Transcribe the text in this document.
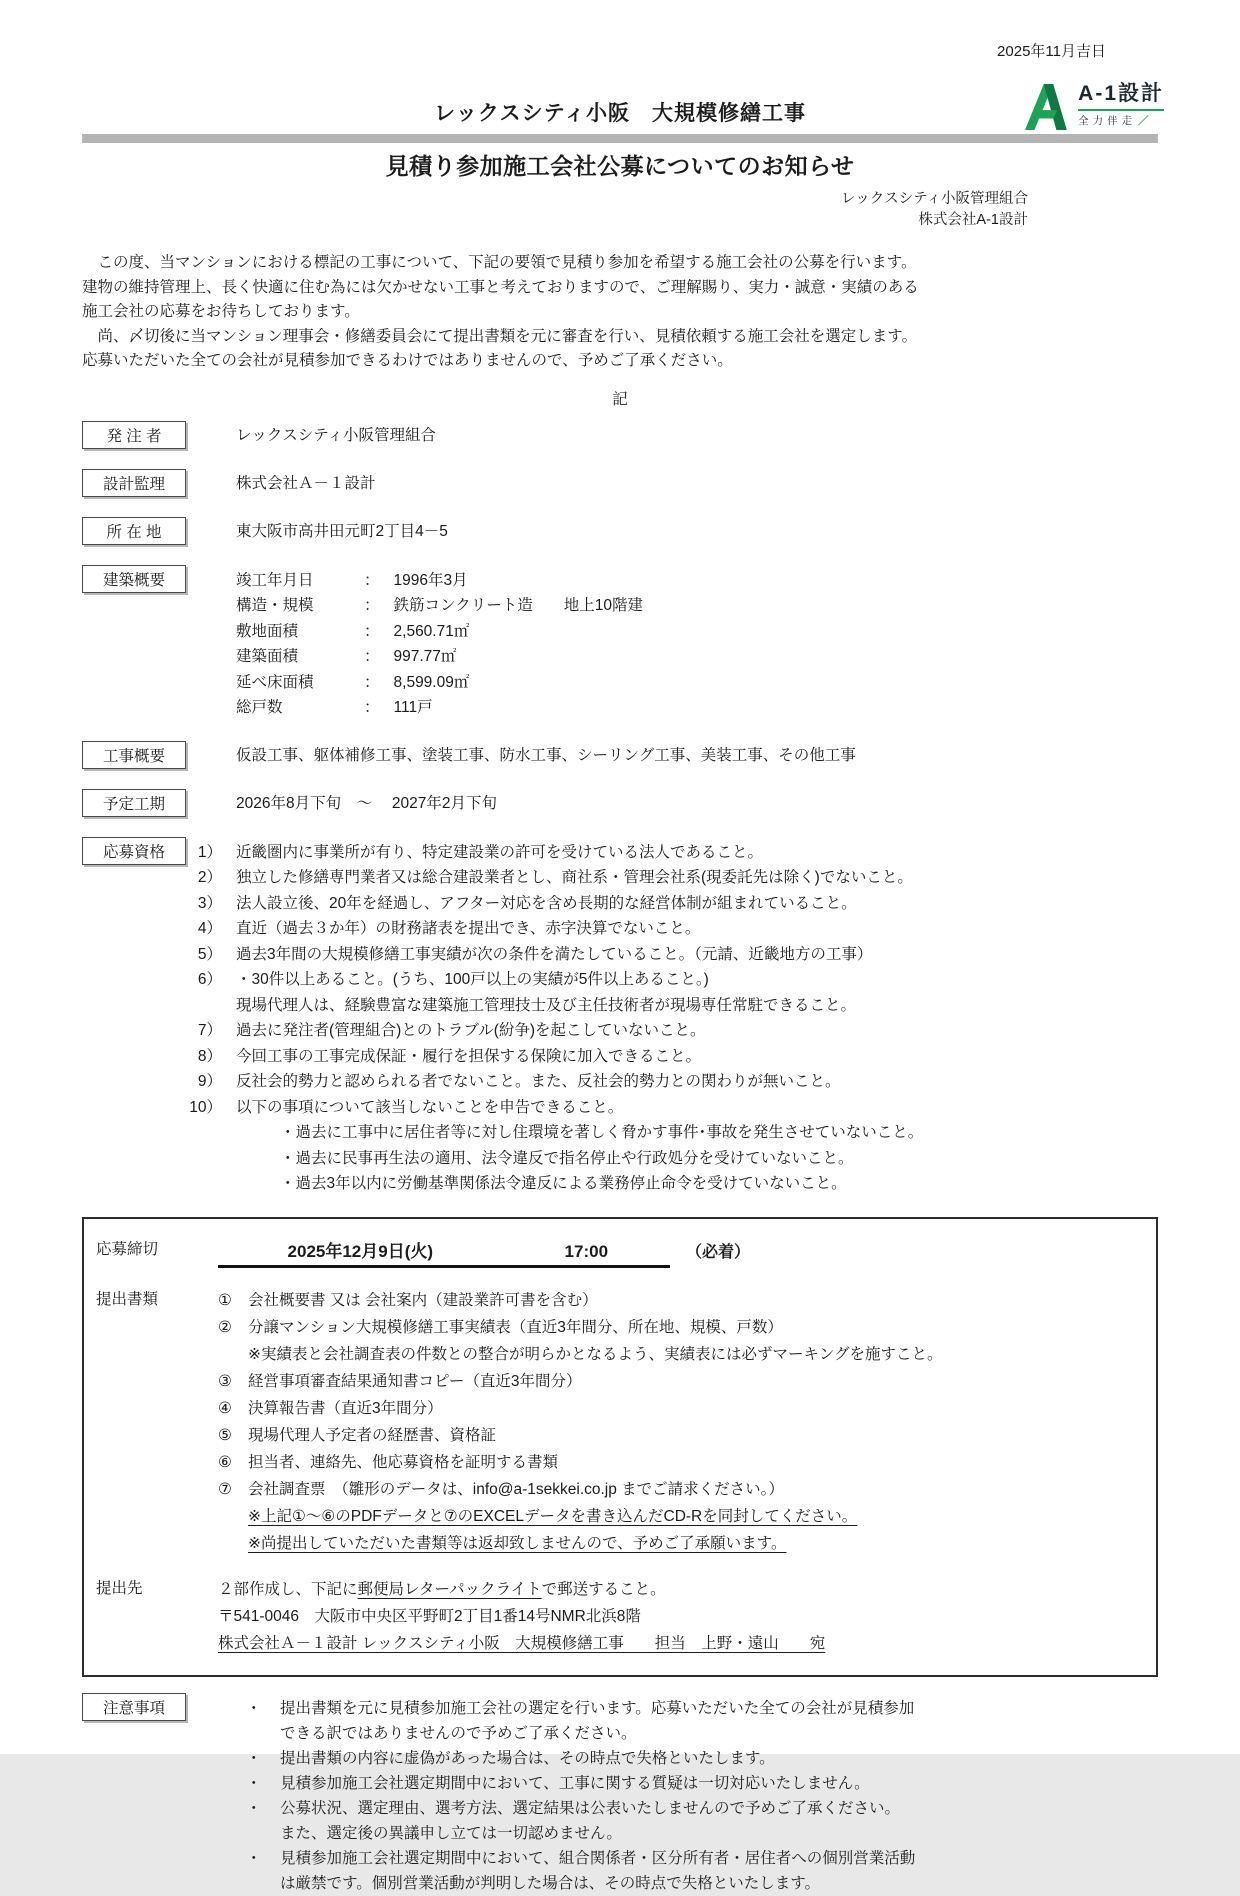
2025年11月吉日
レックスシティ小阪　大規模修繕工事
A-1設計
全力伴走 ／
見積り参加施工会社公募についてのお知らせ
レックスシティ小阪管理組合
株式会社A-1設計
　この度、当マンションにおける標記の工事について、下記の要領で見積り参加を希望する施工会社の公募を行います。
建物の維持管理上、長く快適に住む為には欠かせない工事と考えておりますので、ご理解賜り、実力・誠意・実績のある
施工会社の応募をお待ちしております。
　尚、〆切後に当マンション理事会・修繕委員会にて提出書類を元に審査を行い、見積依頼する施工会社を選定します。
応募いただいた全ての会社が見積参加できるわけではありませんので、予めご了承ください。
記
発 注 者	レックスシティ小阪管理組合
設計監理	株式会社Ａ－１設計
所 在 地	東大阪市高井田元町2丁目4－5
建築概要	竣工年月日	： 1996年3月
構造・規模	： 鉄筋コンクリート造　　地上10階建
敷地面積	： 2,560.71㎡
建築面積	： 997.77㎡
延べ床面積	： 8,599.09㎡
総戸数	： 111戸
工事概要	仮設工事、躯体補修工事、塗装工事、防水工事、シーリング工事、美装工事、その他工事
予定工期	2026年8月下旬　～　 2027年2月下旬
応募資格	1） 近畿圏内に事業所が有り、特定建設業の許可を受けている法人であること。
2） 独立した修繕専門業者又は総合建設業者とし、商社系・管理会社系(現委託先は除く)でないこと。
3） 法人設立後、20年を経過し、アフター対応を含め長期的な経営体制が組まれていること。
4） 直近（過去３か年）の財務諸表を提出でき、赤字決算でないこと。
5） 過去3年間の大規模修繕工事実績が次の条件を満たしていること。（元請、近畿地方の工事）
6） ・30件以上あること。(うち、100戸以上の実績が5件以上あること。)
現場代理人は、経験豊富な建築施工管理技士及び主任技術者が現場専任常駐できること。
7） 過去に発注者(管理組合)とのトラブル(紛争)を起こしていないこと。
8） 今回工事の工事完成保証・履行を担保する保険に加入できること。
9） 反社会的勢力と認められる者でないこと。また、反社会的勢力との関わりが無いこと。
10） 以下の事項について該当しないことを申告できること。
・過去に工事中に居住者等に対し住環境を著しく脅かす事件･事故を発生させていないこと。
・過去に民事再生法の適用、法令違反で指名停止や行政処分を受けていないこと。
・過去3年以内に労働基準関係法令違反による業務停止命令を受けていないこと。
応募締切	2025年12月9日(火)	17:00	（必着）
提出書類	①	会社概要書 又は 会社案内（建設業許可書を含む）
②	分譲マンション大規模修繕工事実績表（直近3年間分、所在地、規模、戸数）
※実績表と会社調査表の件数との整合が明らかとなるよう、実績表には必ずマーキングを施すこと。
③	経営事項審査結果通知書コピー（直近3年間分）
④	決算報告書（直近3年間分）
⑤	現場代理人予定者の経歴書、資格証
⑥	担当者、連絡先、他応募資格を証明する書類
⑦	会社調査票　（雛形のデータは、info@a-1sekkei.co.jp までご請求ください。）
※上記①～⑥のPDFデータと⑦のEXCELデータを書き込んだCD-Rを同封してください。
※尚提出していただいた書類等は返却致しませんので、予めご了承願います。
提出先	２部作成し、下記に郵便局レターパックライトで郵送すること。
〒541-0046　大阪市中央区平野町2丁目1番14号NMR北浜8階
株式会社Ａ－１設計 レックスシティ小阪　大規模修繕工事　　担当　上野・遠山　　宛
注意事項	・	提出書類を元に見積参加施工会社の選定を行います。応募いただいた全ての会社が見積参加
できる訳ではありませんので予めご了承ください。
・	提出書類の内容に虚偽があった場合は、その時点で失格といたします。
・	見積参加施工会社選定期間中において、工事に関する質疑は一切対応いたしません。
・	公募状況、選定理由、選考方法、選定結果は公表いたしませんので予めご了承ください。
また、選定後の異議申し立ては一切認めません。
・	見積参加施工会社選定期間中において、組合関係者・区分所有者・居住者への個別営業活動
は厳禁です。個別営業活動が判明した場合は、その時点で失格といたします。
